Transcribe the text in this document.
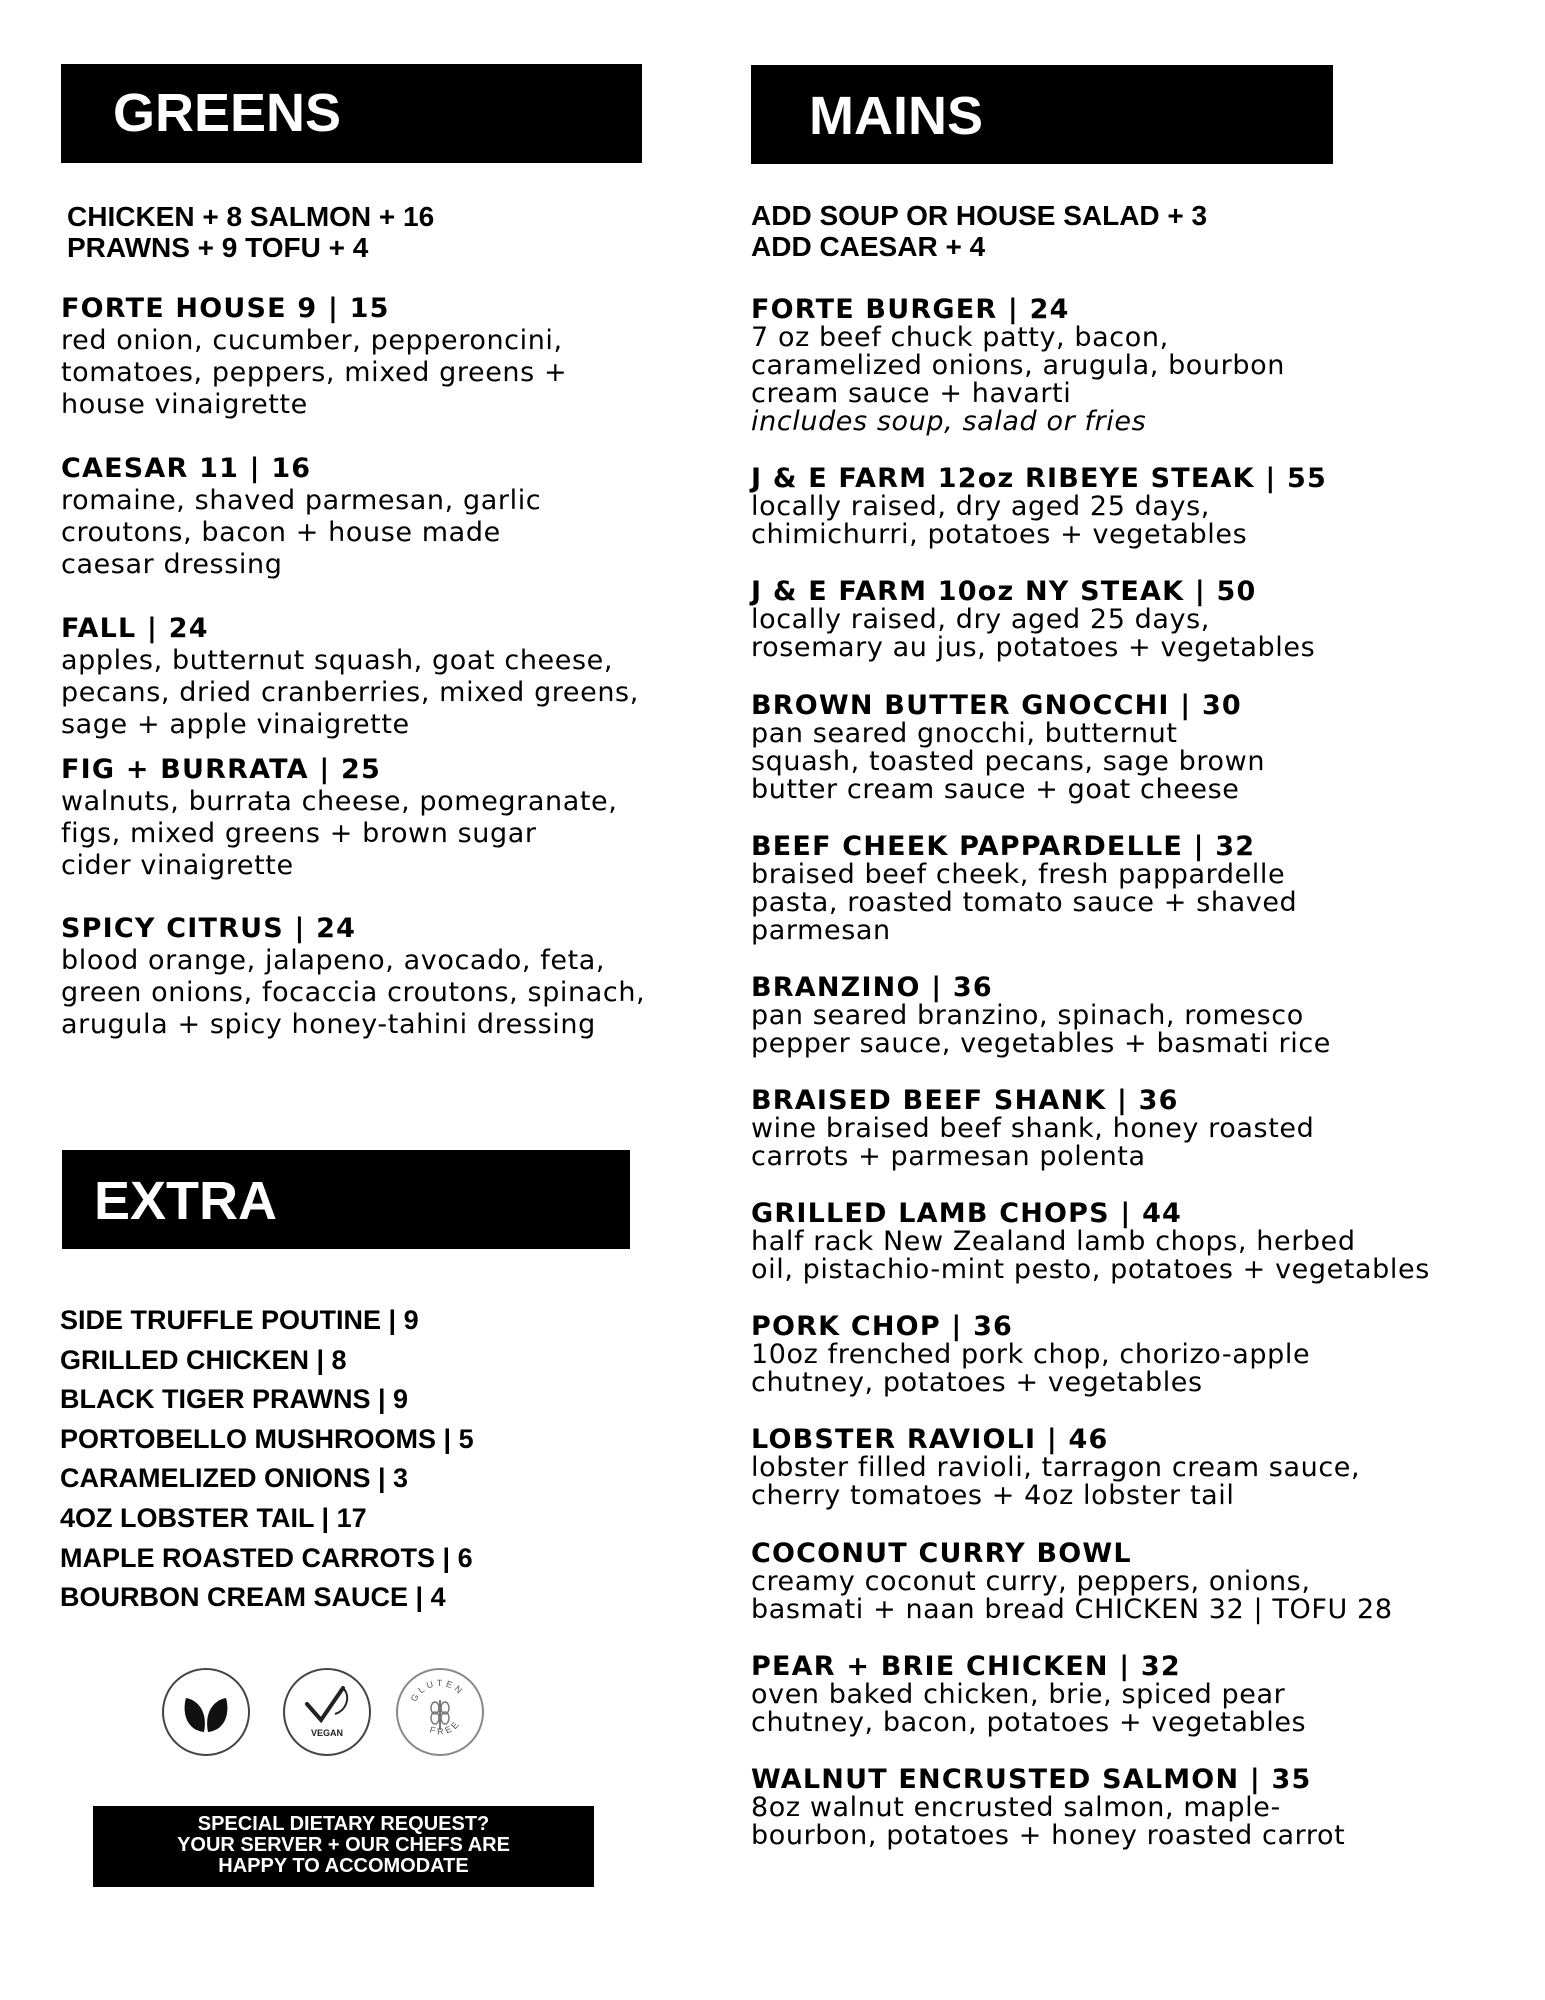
GREENS	MAINS
EXTRA
CHICKEN + 8 SALMON + 16
PRAWNS + 9 TOFU + 4
ADD SOUP OR HOUSE SALAD + 3
ADD CAESAR + 4
FORTE HOUSE 9 | 15
red onion, cucumber, pepperoncini,
tomatoes, peppers, mixed greens +
house vinaigrette
CAESAR 11 | 16
romaine, shaved parmesan, garlic
croutons, bacon + house made
caesar dressing
FALL | 24
apples, butternut squash, goat cheese,
pecans, dried cranberries, mixed greens,
sage + apple vinaigrette
FIG + BURRATA | 25
walnuts, burrata cheese, pomegranate,
figs, mixed greens + brown sugar
cider vinaigrette
SPICY CITRUS | 24
blood orange, jalapeno, avocado, feta,
green onions, focaccia croutons, spinach,
arugula + spicy honey-tahini dressing
FORTE BURGER | 24
7 oz beef chuck patty, bacon,
caramelized onions, arugula, bourbon
cream sauce + havarti
includes soup, salad or fries
J & E FARM 12oz RIBEYE STEAK | 55
locally raised, dry aged 25 days,
chimichurri, potatoes + vegetables
J & E FARM 10oz NY STEAK | 50
locally raised, dry aged 25 days,
rosemary au jus, potatoes + vegetables
BROWN BUTTER GNOCCHI | 30
pan seared gnocchi, butternut
squash, toasted pecans, sage brown
butter cream sauce + goat cheese
BEEF CHEEK PAPPARDELLE | 32
braised beef cheek, fresh pappardelle
pasta, roasted tomato sauce + shaved
parmesan
BRANZINO | 36
pan seared branzino, spinach, romesco
pepper sauce, vegetables + basmati rice
BRAISED BEEF SHANK | 36
wine braised beef shank, honey roasted
carrots + parmesan polenta
GRILLED LAMB CHOPS | 44
half rack New Zealand lamb chops, herbed
oil, pistachio-mint pesto, potatoes + vegetables
PORK CHOP | 36
10oz frenched pork chop, chorizo-apple
chutney, potatoes + vegetables
LOBSTER RAVIOLI | 46
lobster filled ravioli, tarragon cream sauce,
cherry tomatoes + 4oz lobster tail
COCONUT CURRY BOWL
creamy coconut curry, peppers, onions,
basmati + naan bread CHICKEN 32 | TOFU 28
PEAR + BRIE CHICKEN | 32
oven baked chicken, brie, spiced pear
chutney, bacon, potatoes + vegetables
WALNUT ENCRUSTED SALMON | 35
8oz walnut encrusted salmon, maple-
bourbon, potatoes + honey roasted carrot
SIDE TRUFFLE POUTINE | 9
GRILLED CHICKEN | 8
BLACK TIGER PRAWNS | 9
PORTOBELLO MUSHROOMS | 5
CARAMELIZED ONIONS | 3
4OZ LOBSTER TAIL | 17
MAPLE ROASTED CARROTS | 6
BOURBON CREAM SAUCE | 4
VEGAN
GLUTEN
FREE
SPECIAL DIETARY REQUEST?
YOUR SERVER + OUR CHEFS ARE
HAPPY TO ACCOMODATE
